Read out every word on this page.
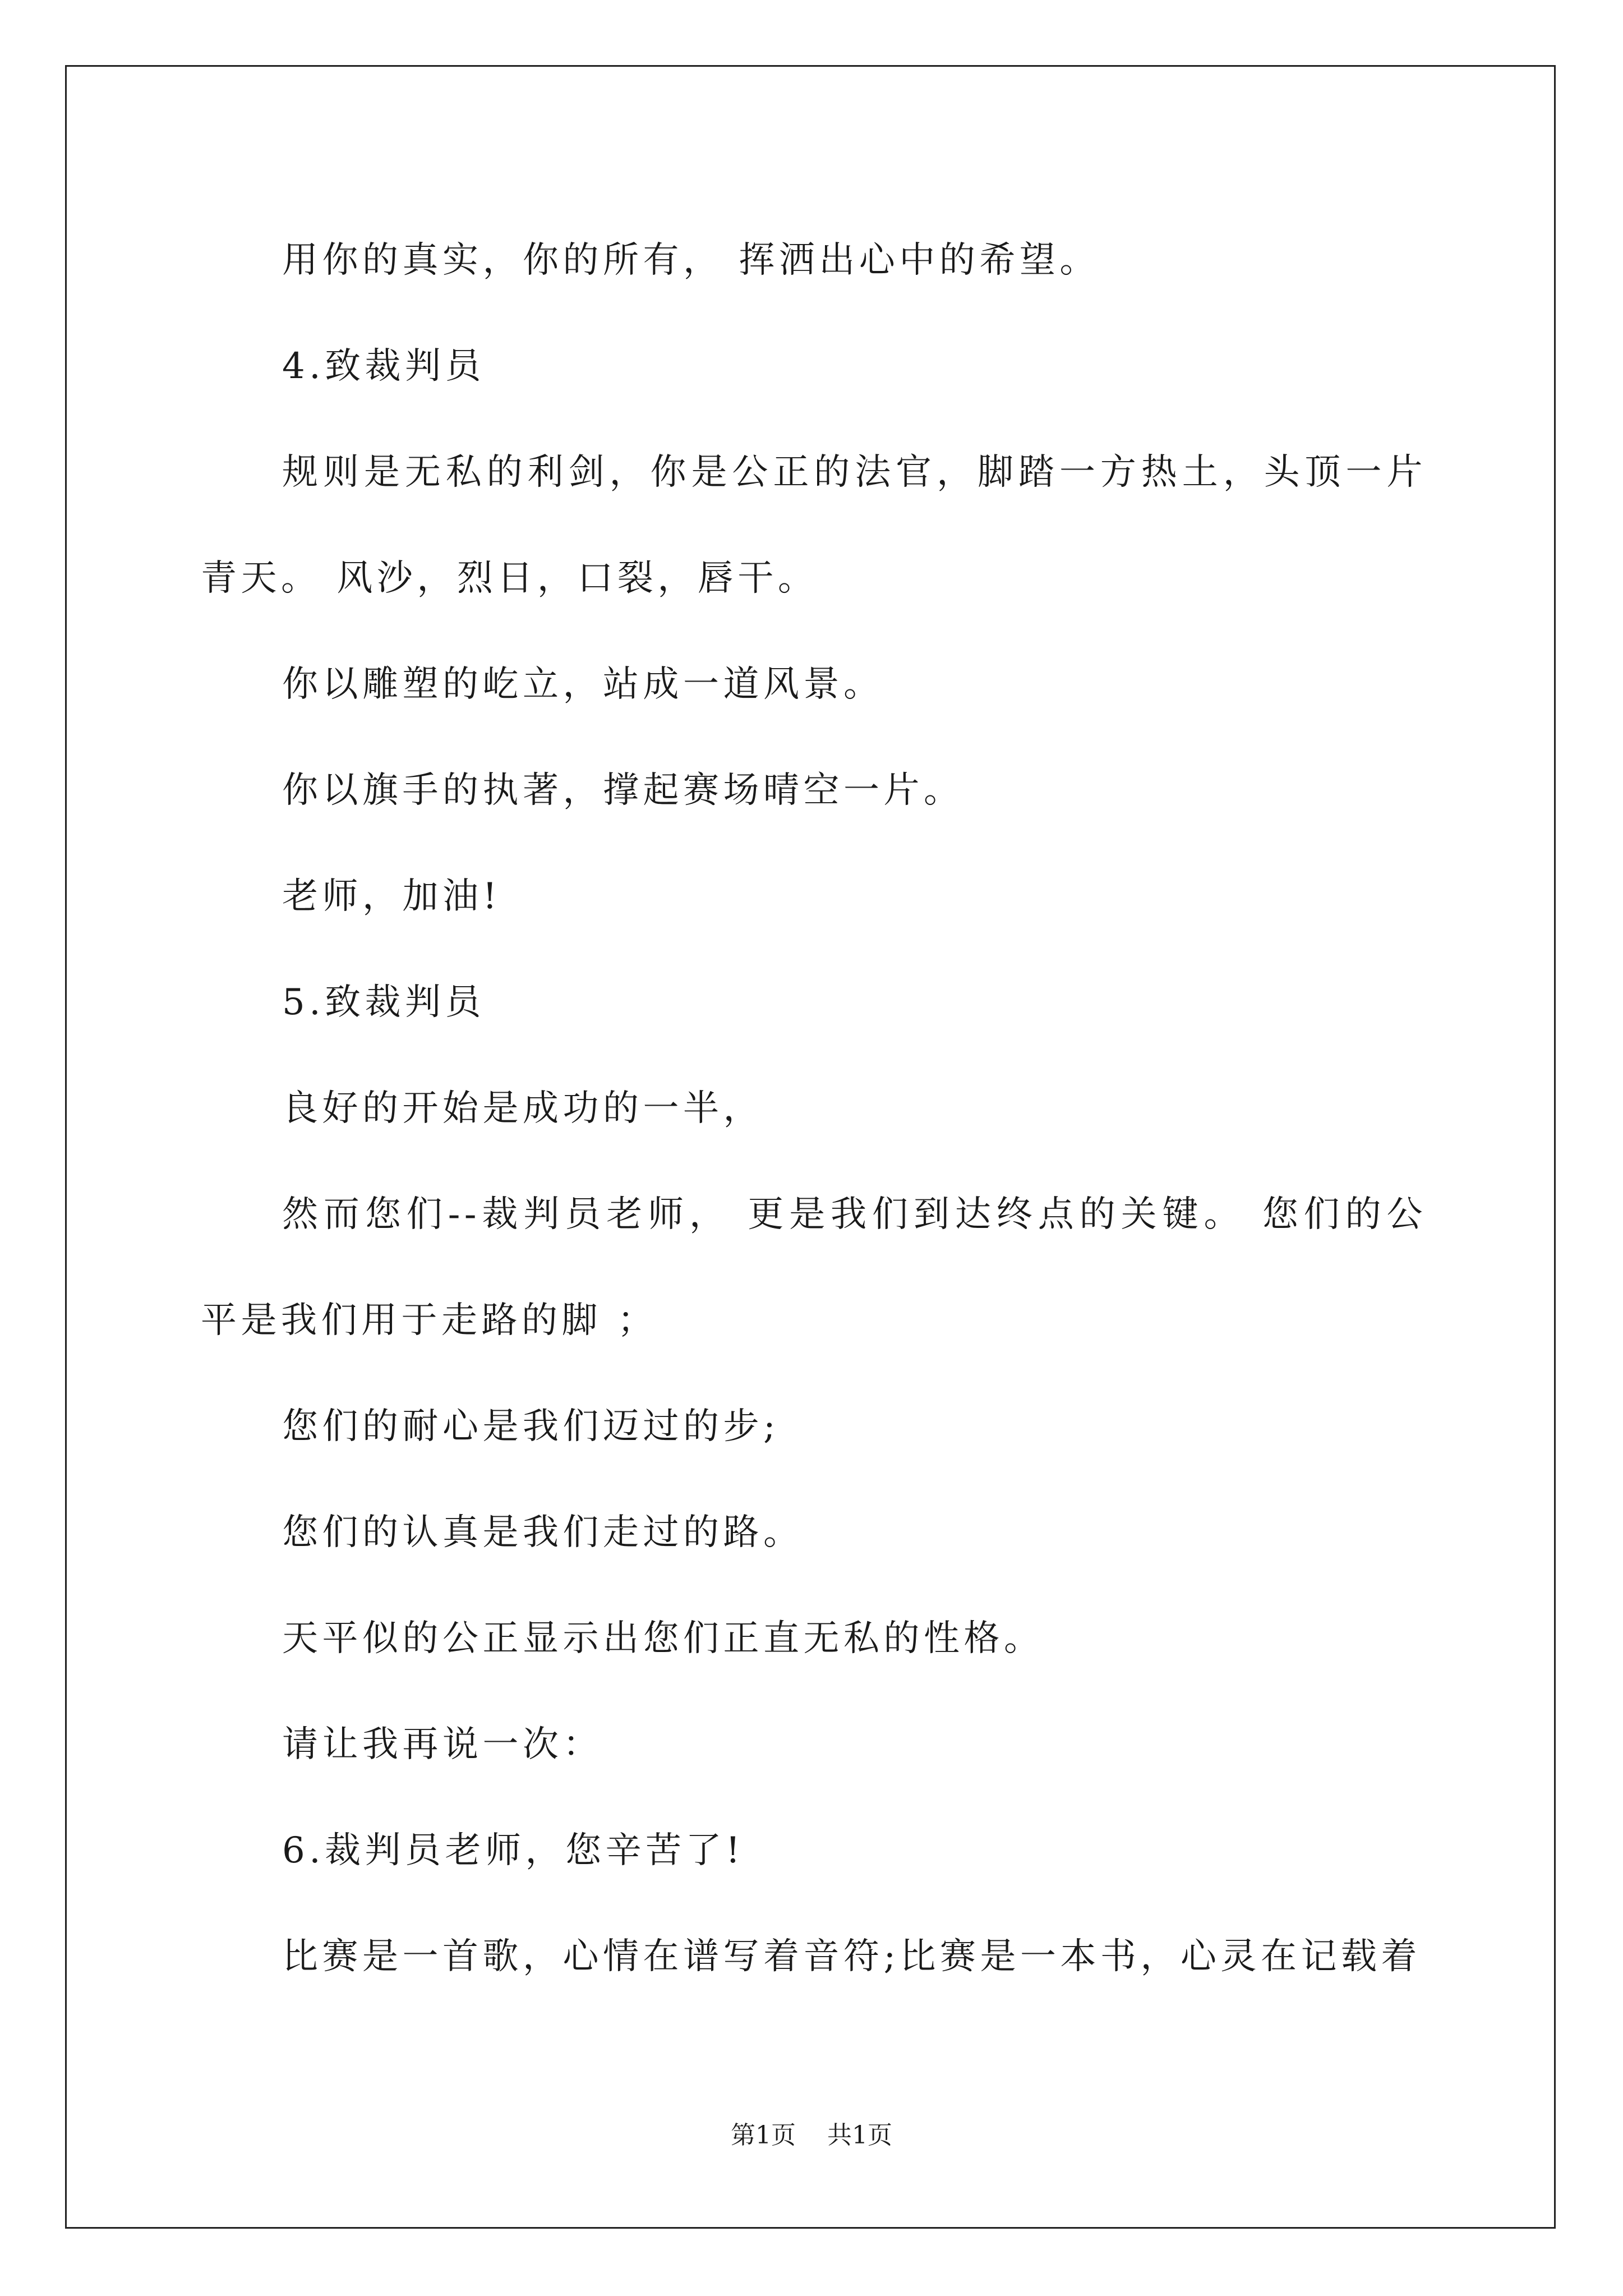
用你的真实，你的所有， 挥洒出心中的希望。

4.致裁判员

规则是无私的利剑，你是公正的法官，脚踏一方热土，头顶一片青天。 风沙，烈日，口裂，唇干。

你以雕塑的屹立，站成一道风景。

你以旗手的执著，撑起赛场晴空一片。

老师，加油!

5.致裁判员

良好的开始是成功的一半，

然而您们--裁判员老师， 更是我们到达终点的关键。 您们的公平是我们用于走路的脚 ；

您们的耐心是我们迈过的步;

您们的认真是我们走过的路。

天平似的公正显示出您们正直无私的性格。

请让我再说一次：

6.裁判员老师，您辛苦了!

比赛是一首歌，心情在谱写着音符;比赛是一本书，心灵在记载着

第1页 共1页
